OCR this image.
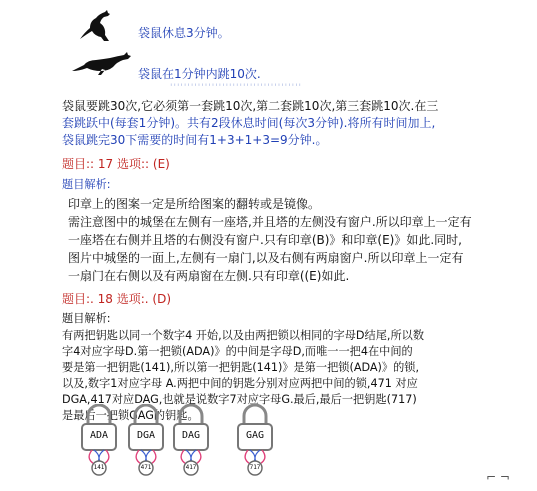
袋鼠休息3分钟。
袋鼠在1分钟内跳10次.
''''''''''''''''''''''''''''''''''''''
袋鼠要跳30次,它必须第一套跳10次,第二套跳10次,第三套跳10次.在三
套跳跃中(每套1分钟)。共有2段休息时间(每次3分钟).将所有时间加上,
袋鼠跳完30下需要的时间有1+3+1+3=9分钟.。
题目:: 17 选项:: (E)
题目解析:
印章上的图案一定是所给图案的翻转或是镜像。
需注意图中的城堡在左侧有一座塔,并且塔的左侧没有窗户.所以印章上一定有
一座塔在右侧并且塔的右侧没有窗户.只有印章(B)》和印章(E)》如此.同时,
图片中城堡的一面上,左侧有一扇门,以及右侧有两扇窗户.所以印章上一定有
一扇门在右侧以及有两扇窗在左侧.只有印章((E)如此.
题目:. 18 选项:. (D)
题目解析:
有两把钥匙以同一个数字4 开始,以及由两把锁以相同的字母D结尾,所以数
字4对应字母D.第一把锁(ADA)》的中间是字母D,而唯一一把4在中间的
要是第一把钥匙(141),所以第一把钥匙(141)》是第一把锁(ADA)》的锁,
以及,数字1对应字母 A.两把中间的钥匙分别对应两把中间的锁,471 对应
DGA,417对应DAG,也就是说数字7对应字母G.最后,最后一把钥匙(717)
是最后一把锁GAG的钥匙。
ADA
141
DGA
471
DAG
417
GAG
717
⌐ ¬
